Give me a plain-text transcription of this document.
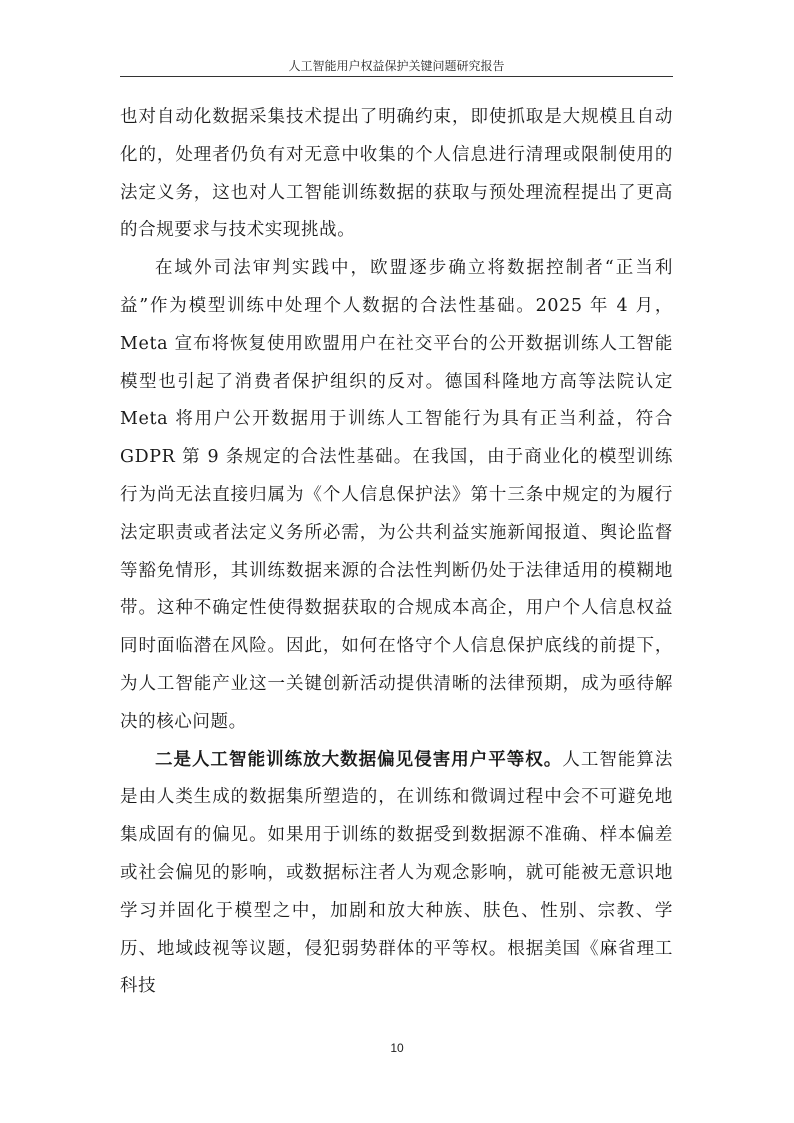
人工智能用户权益保护关键问题研究报告

也对自动化数据采集技术提出了明确约束，即使抓取是大规模且自动化的，处理者仍负有对无意中收集的个人信息进行清理或限制使用的法定义务，这也对人工智能训练数据的获取与预处理流程提出了更高的合规要求与技术实现挑战。

在域外司法审判实践中，欧盟逐步确立将数据控制者“正当利益”作为模型训练中处理个人数据的合法性基础。2025 年 4 月，Meta 宣布将恢复使用欧盟用户在社交平台的公开数据训练人工智能模型也引起了消费者保护组织的反对。德国科隆地方高等法院认定 Meta 将用户公开数据用于训练人工智能行为具有正当利益，符合 GDPR 第 9 条规定的合法性基础。在我国，由于商业化的模型训练行为尚无法直接归属为《个人信息保护法》第十三条中规定的为履行法定职责或者法定义务所必需，为公共利益实施新闻报道、舆论监督等豁免情形，其训练数据来源的合法性判断仍处于法律适用的模糊地带。这种不确定性使得数据获取的合规成本高企，用户个人信息权益同时面临潜在风险。因此，如何在恪守个人信息保护底线的前提下，为人工智能产业这一关键创新活动提供清晰的法律预期，成为亟待解决的核心问题。

二是人工智能训练放大数据偏见侵害用户平等权。人工智能算法是由人类生成的数据集所塑造的，在训练和微调过程中会不可避免地集成固有的偏见。如果用于训练的数据受到数据源不准确、样本偏差或社会偏见的影响，或数据标注者人为观念影响，就可能被无意识地学习并固化于模型之中，加剧和放大种族、肤色、性别、宗教、学历、地域歧视等议题，侵犯弱势群体的平等权。根据美国《麻省理工科技

10
